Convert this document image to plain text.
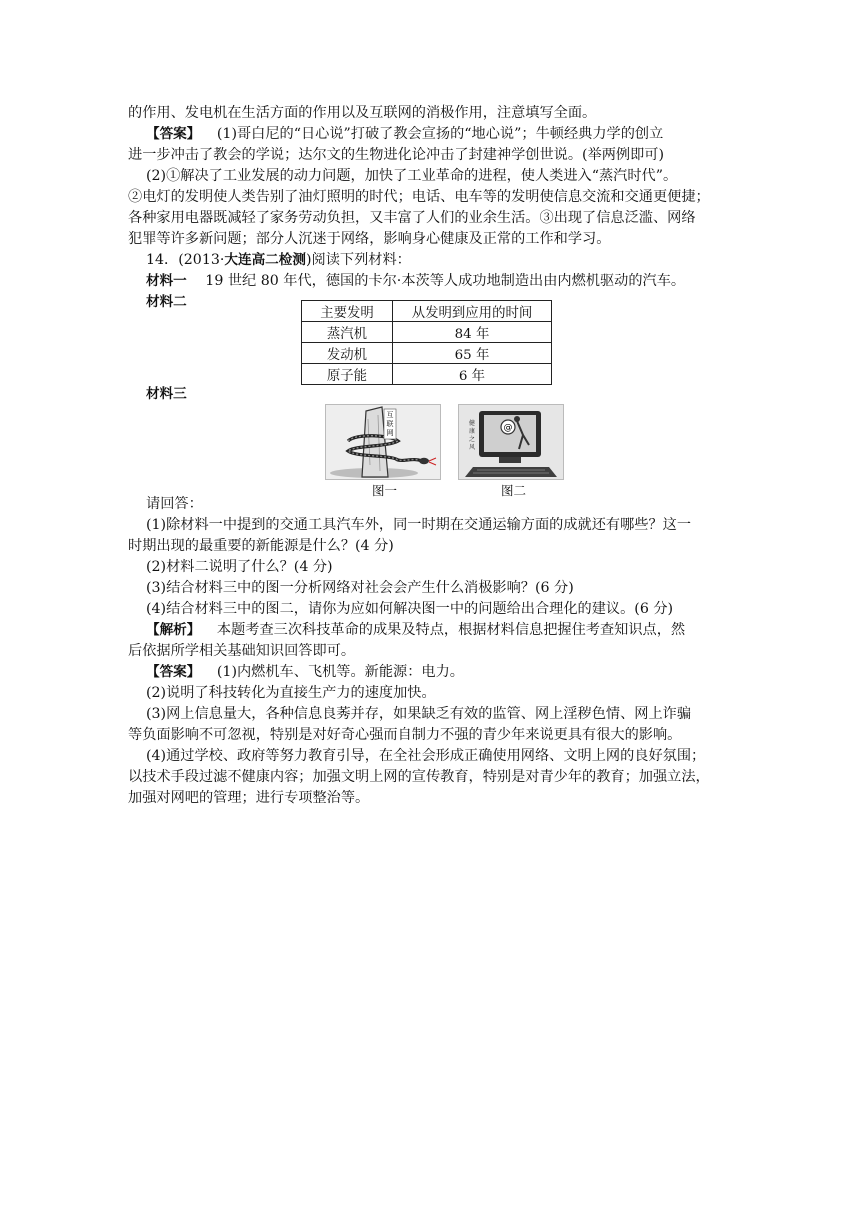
的作用、发电机在生活方面的作用以及互联网的消极作用，注意填写全面。
【答案】 (1)哥白尼的“日心说”打破了教会宣扬的“地心说”；牛顿经典力学的创立
进一步冲击了教会的学说；达尔文的生物进化论冲击了封建神学创世说。(举两例即可)
(2)①解决了工业发展的动力问题，加快了工业革命的进程，使人类进入“蒸汽时代”。
②电灯的发明使人类告别了油灯照明的时代；电话、电车等的发明使信息交流和交通更便捷；
各种家用电器既减轻了家务劳动负担，又丰富了人们的业余生活。③出现了信息泛滥、网络
犯罪等许多新问题；部分人沉迷于网络，影响身心健康及正常的工作和学习。
14．(2013·大连高二检测)阅读下列材料：
材料一 19 世纪 80 年代，德国的卡尔·本茨等人成功地制造出由内燃机驱动的汽车。
材料二
主要发明	从发明到应用的时间
蒸汽机	84 年
发动机	65 年
原子能	6 年
材料三
互
联
网
图一
@
健
康
之
风
图二
请回答：
(1)除材料一中提到的交通工具汽车外，同一时期在交通运输方面的成就还有哪些？这一
时期出现的最重要的新能源是什么？(4 分)
(2)材料二说明了什么？(4 分)
(3)结合材料三中的图一分析网络对社会会产生什么消极影响？(6 分)
(4)结合材料三中的图二，请你为应如何解决图一中的问题给出合理化的建议。(6 分)
【解析】 本题考查三次科技革命的成果及特点，根据材料信息把握住考查知识点，然
后依据所学相关基础知识回答即可。
【答案】 (1)内燃机车、飞机等。新能源：电力。
(2)说明了科技转化为直接生产力的速度加快。
(3)网上信息量大，各种信息良莠并存，如果缺乏有效的监管、网上淫秽色情、网上诈骗
等负面影响不可忽视，特别是对好奇心强而自制力不强的青少年来说更具有很大的影响。
(4)通过学校、政府等努力教育引导，在全社会形成正确使用网络、文明上网的良好氛围；
以技术手段过滤不健康内容；加强文明上网的宣传教育，特别是对青少年的教育；加强立法，
加强对网吧的管理；进行专项整治等。
